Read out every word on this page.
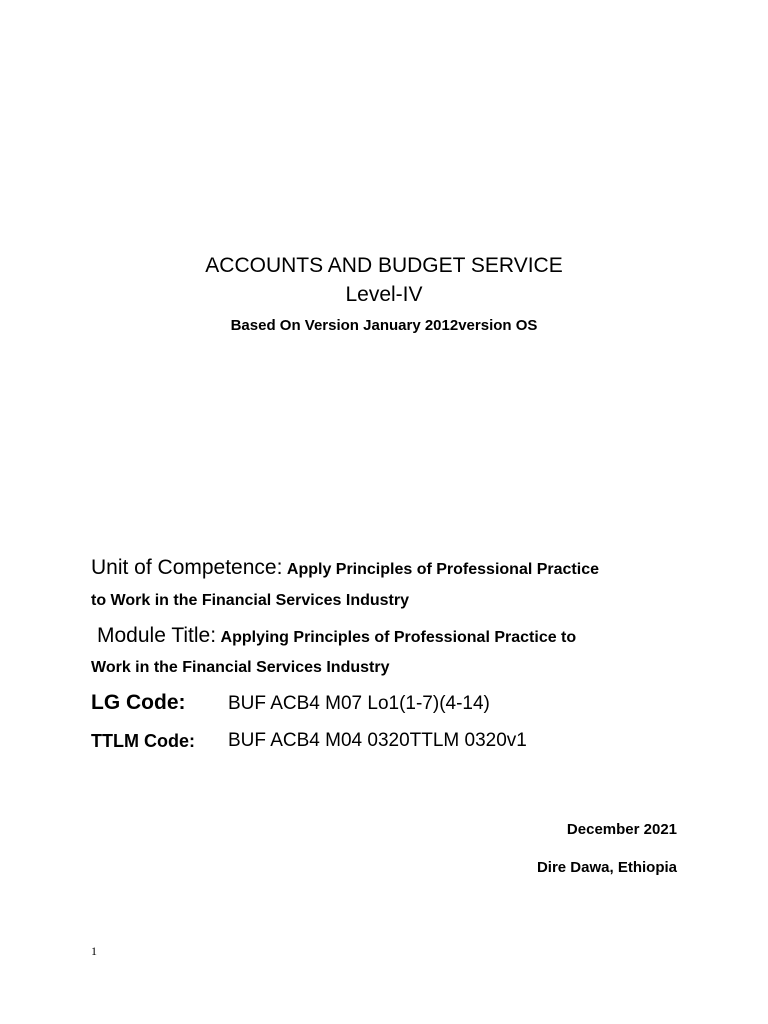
ACCOUNTS AND BUDGET SERVICE
Level-IV
Based On Version January 2012version OS
Unit of Competence: Apply Principles of Professional Practice
to Work in the Financial Services Industry
Module Title: Applying Principles of Professional Practice to
Work in the Financial Services Industry
LG Code: BUF ACB4 M07 Lo1(1-7)(4-14)
TTLM Code: BUF ACB4 M04 0320TTLM 0320v1
December 2021
Dire Dawa, Ethiopia
1
